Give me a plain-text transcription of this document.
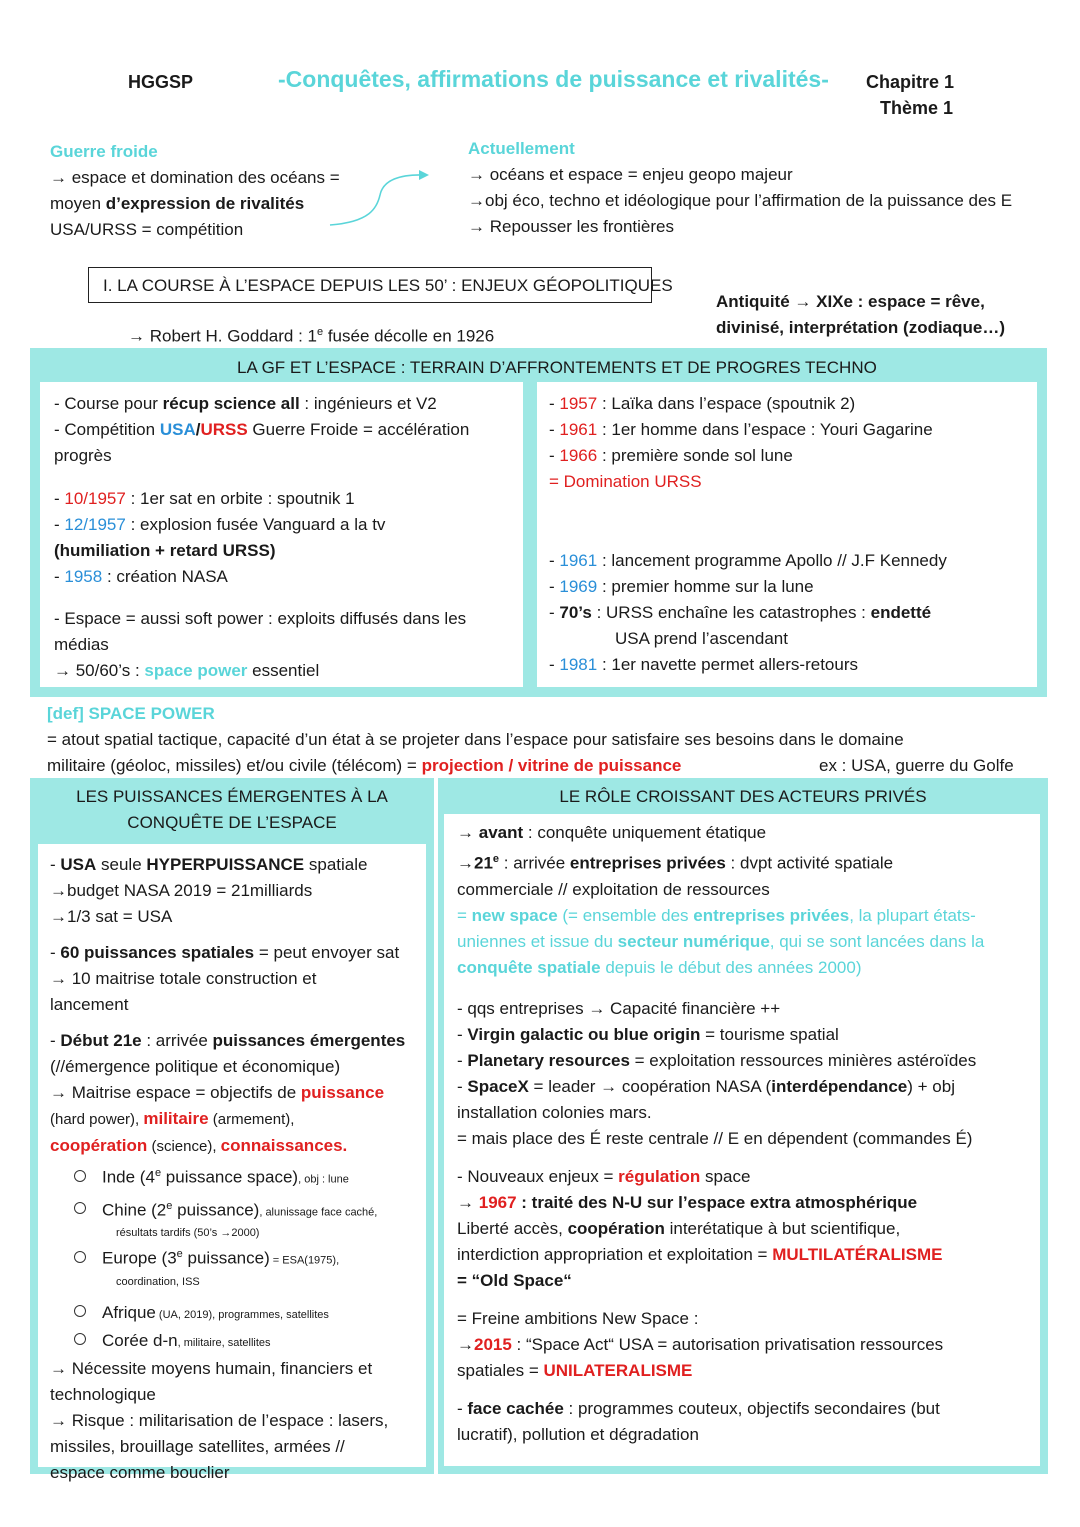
HGGSP	-Conquêtes, affirmations de puissance et rivalités- Chapitre 1
Thème 1
Guerre froide
→ espace et domination des océans =
moyen d’expression de rivalités
USA/URSS = compétition
Actuellement
→ océans et espace = enjeu geopo majeur
→obj éco, techno et idéologique pour l’affirmation de la puissance des E
→ Repousser les frontières
I. LA COURSE À L’ESPACE DEPUIS LES 50’ : ENJEUX GÉOPOLITIQUES
→ Robert H. Goddard : 1e fusée décolle en 1926
Antiquité → XIXe : espace = rêve,
divinisé, interprétation (zodiaque…)
LA GF ET L’ESPACE : TERRAIN D’AFFRONTEMENTS ET DE PROGRES TECHNO
- Course pour récup science all : ingénieurs et V2
- Compétition USA/URSS Guerre Froide = accélération
progrès
- 10/1957 : 1er sat en orbite : spoutnik 1
- 12/1957 : explosion fusée Vanguard a la tv
(humiliation + retard URSS)
- 1958 : création NASA
- Espace = aussi soft power : exploits diffusés dans les
médias
→ 50/60’s : space power essentiel
- 1957 : Laïka dans l’espace (spoutnik 2)
- 1961 : 1er homme dans l’espace : Youri Gagarine
- 1966 : première sonde sol lune
= Domination URSS
- 1961 : lancement programme Apollo // J.F Kennedy
- 1969 : premier homme sur la lune
- 70’s : URSS enchaîne les catastrophes : endetté
USA prend l’ascendant
- 1981 : 1er navette permet allers-retours
[def] SPACE POWER
= atout spatial tactique, capacité d’un état à se projeter dans l’espace pour satisfaire ses besoins dans le domaine
militaire (géoloc, missiles) et/ou civile (télécom) = projection / vitrine de puissance	ex : USA, guerre du Golfe
LES PUISSANCES ÉMERGENTES À LA
CONQUÊTE DE L’ESPACE
- USA seule HYPERPUISSANCE spatiale
→budget NASA 2019 = 21milliards
→1/3 sat = USA
- 60 puissances spatiales = peut envoyer sat
→ 10 maitrise totale construction et
lancement
- Début 21e : arrivée puissances émergentes
(//émergence politique et économique)
→ Maitrise espace = objectifs de puissance
(hard power), militaire (armement),
coopération (science), connaissances.
Inde (4e puissance space), obj : lune
Chine (2e puissance), alunissage face caché,
résultats tardifs (50’s →2000)
Europe (3e puissance) = ESA(1975),
coordination, ISS
Afrique (UA, 2019), programmes, satellites
Corée d-n, militaire, satellites
→ Nécessite moyens humain, financiers et
technologique
→ Risque : militarisation de l’espace : lasers,
missiles, brouillage satellites, armées //
espace comme bouclier
LE RÔLE CROISSANT DES ACTEURS PRIVÉS
→ avant : conquête uniquement étatique
$\to 21^e$ : arrivée entreprises privées : dvpt activité spatiale
commerciale // exploitation de ressources
= new space (= ensemble des entreprises privées, la plupart états-
uniennes et issue du secteur numérique, qui se sont lancées dans la
conquête spatiale depuis le début des années 2000)
- qqs entreprises → Capacité financière ++
- Virgin galactic ou blue origin = tourisme spatial
- Planetary resources = exploitation ressources minières astéroïdes
- SpaceX = leader → coopération NASA (interdépendance) + obj
installation colonies mars.
= mais place des É reste centrale // E en dépendent (commandes É)
- Nouveaux enjeux = régulation space
→ 1967 : traité des N-U sur l’espace extra atmosphérique
Liberté accès, coopération interétatique à but scientifique,
interdiction appropriation et exploitation = MULTILATÉRALISME
= “Old Space“
= Freine ambitions New Space :
→2015 : “Space Act“ USA = autorisation privatisation ressources
spatiales = UNILATERALISME
- face cachée : programmes couteux, objectifs secondaires (but
lucratif), pollution et dégradation
